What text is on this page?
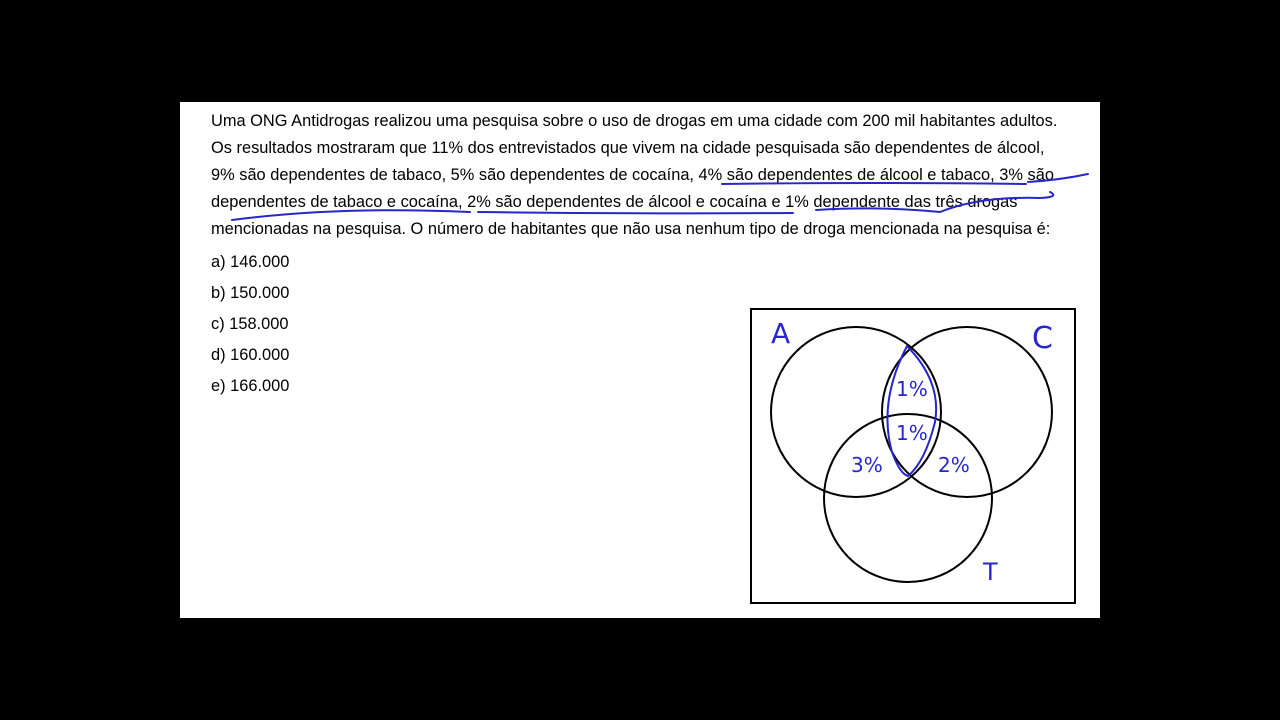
Uma ONG Antidrogas realizou uma pesquisa sobre o uso de drogas em uma cidade com 200 mil habitantes adultos.
Os resultados mostraram que 11% dos entrevistados que vivem na cidade pesquisada são dependentes de álcool,
9% são dependentes de tabaco, 5% são dependentes de cocaína, 4% são dependentes de álcool e tabaco, 3% são
dependentes de tabaco e cocaína, 2% são dependentes de álcool e cocaína e 1% dependente das três drogas
mencionadas na pesquisa. O número de habitantes que não usa nenhum tipo de droga mencionada na pesquisa é:
a) 146.000
b) 150.000
c) 158.000
d) 160.000
e) 166.000
A	C
T
1%
1%
3%	2%
